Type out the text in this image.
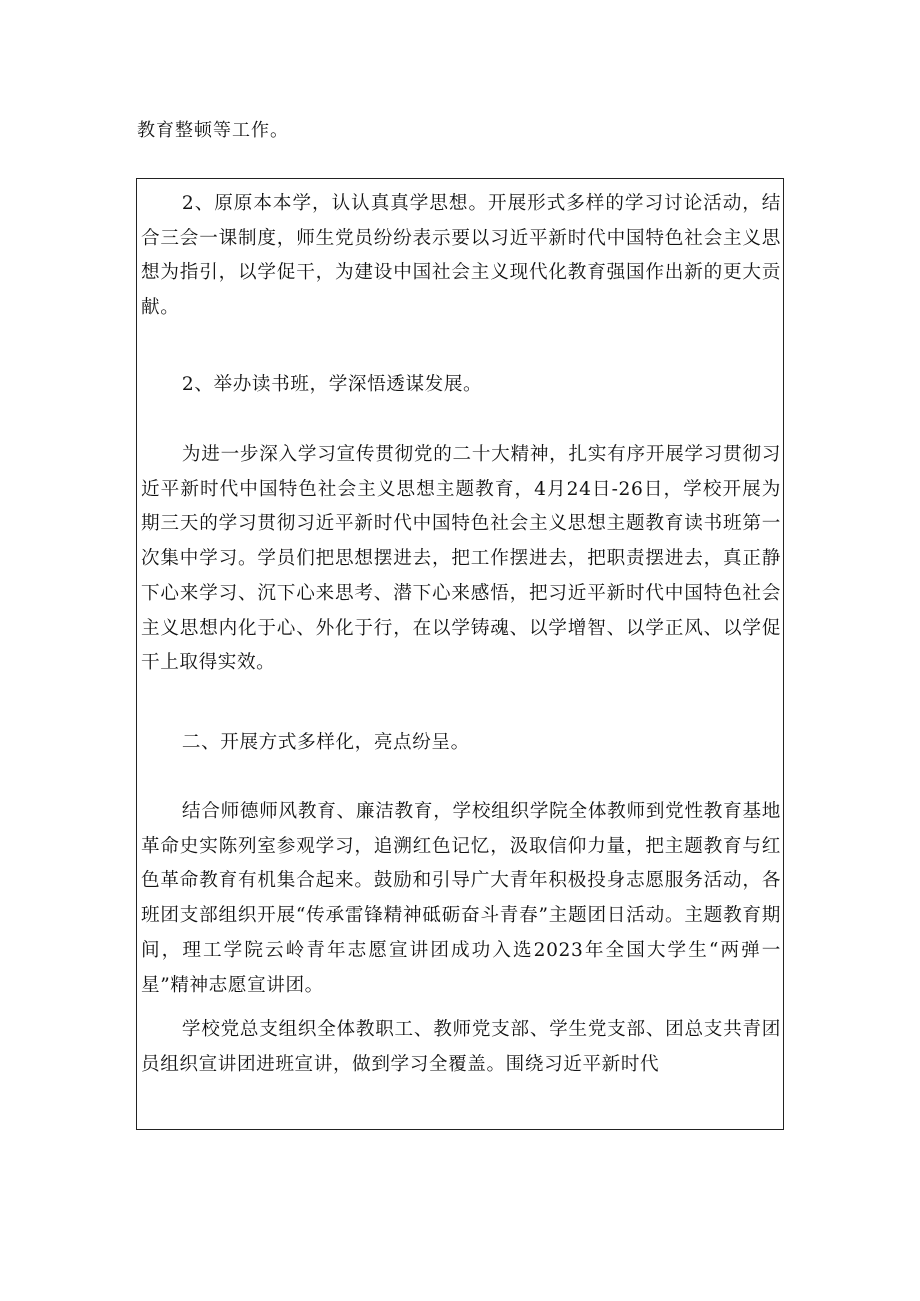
教育整顿等工作。

2、原原本本学，认认真真学思想。开展形式多样的学习讨论活动，结合三会一课制度，师生党员纷纷表示要以习近平新时代中国特色社会主义思想为指引，以学促干，为建设中国社会主义现代化教育强国作出新的更大贡献。

2、举办读书班，学深悟透谋发展。

为进一步深入学习宣传贯彻党的二十大精神，扎实有序开展学习贯彻习近平新时代中国特色社会主义思想主题教育，4月24日-26日，学校开展为期三天的学习贯彻习近平新时代中国特色社会主义思想主题教育读书班第一次集中学习。学员们把思想摆进去，把工作摆进去，把职责摆进去，真正静下心来学习、沉下心来思考、潜下心来感悟，把习近平新时代中国特色社会主义思想内化于心、外化于行，在以学铸魂、以学增智、以学正风、以学促干上取得实效。

二、开展方式多样化，亮点纷呈。

结合师德师风教育、廉洁教育，学校组织学院全体教师到党性教育基地革命史实陈列室参观学习，追溯红色记忆，汲取信仰力量，把主题教育与红色革命教育有机集合起来。鼓励和引导广大青年积极投身志愿服务活动，各班团支部组织开展“传承雷锋精神砥砺奋斗青春”主题团日活动。主题教育期间，理工学院云岭青年志愿宣讲团成功入选2023年全国大学生“两弹一星”精神志愿宣讲团。

学校党总支组织全体教职工、教师党支部、学生党支部、团总支共青团员组织宣讲团进班宣讲，做到学习全覆盖。围绕习近平新时代
